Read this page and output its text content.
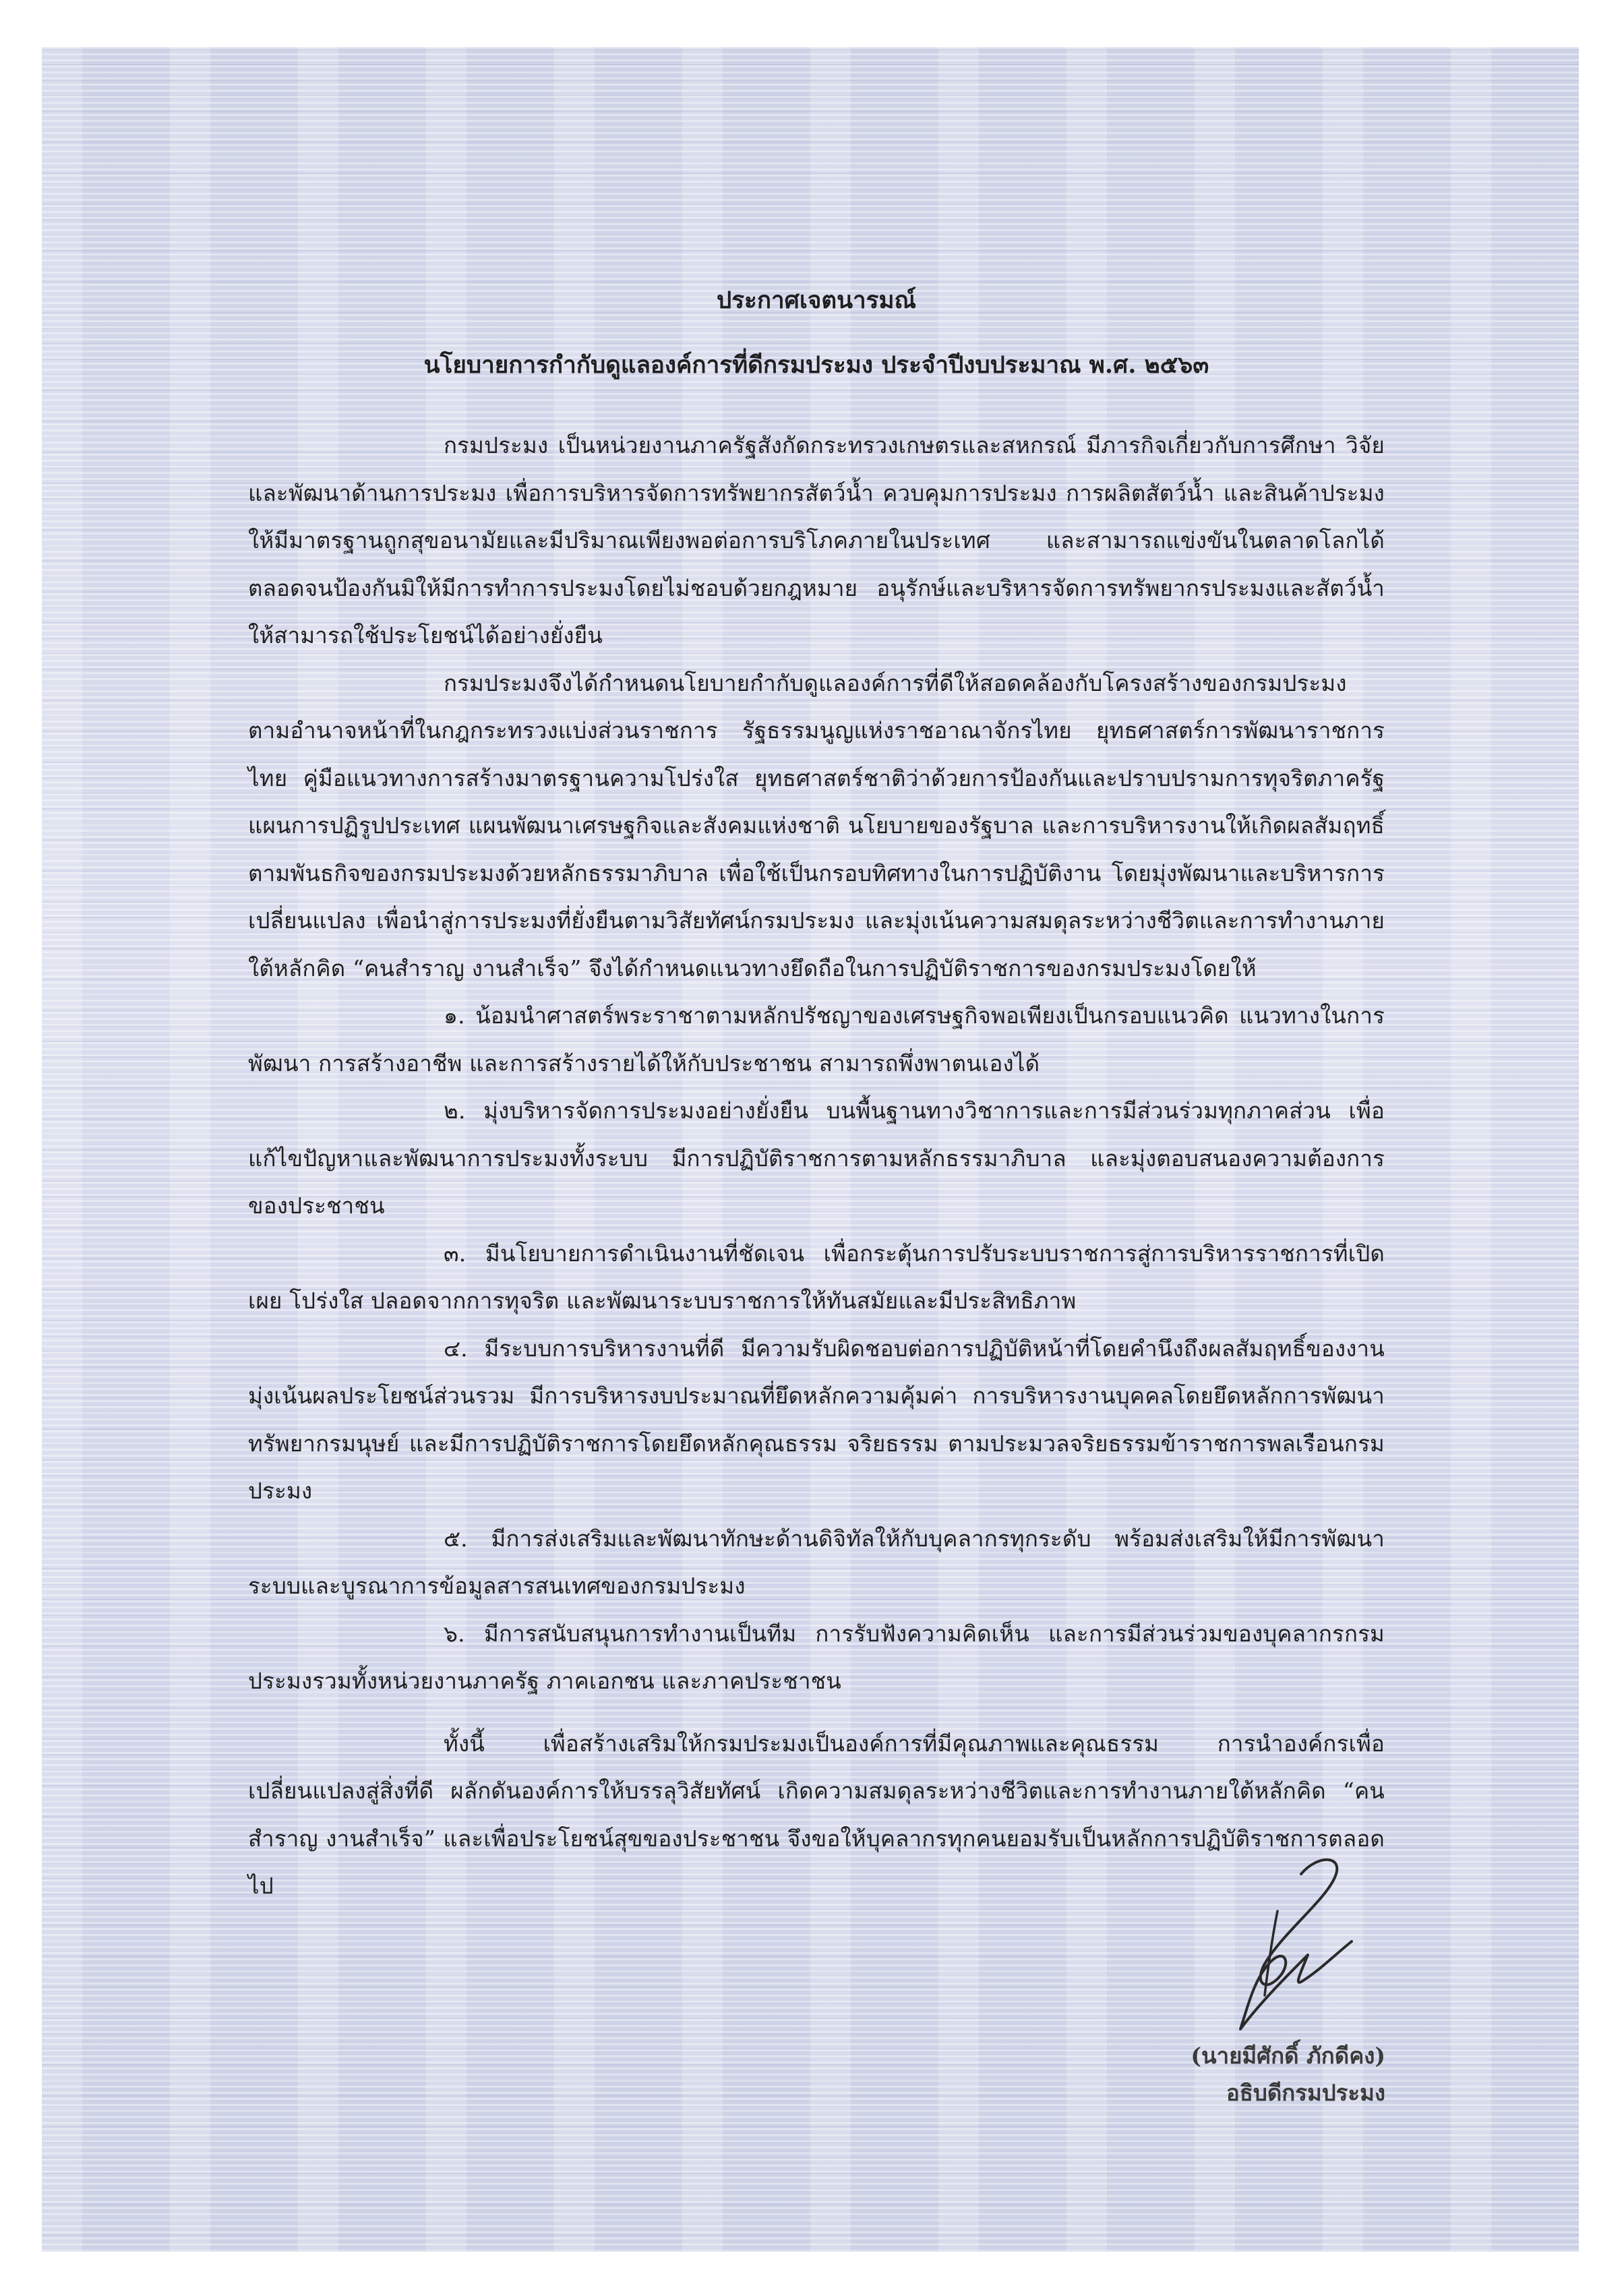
ประกาศเจตนารมณ์

นโยบายการกำกับดูแลองค์การที่ดีกรมประมง ประจำปีงบประมาณ พ.ศ. ๒๕๖๓

กรมประมง เป็นหน่วยงานภาครัฐสังกัดกระทรวงเกษตรและสหกรณ์ มีภารกิจเกี่ยวกับการศึกษา วิจัย และพัฒนาด้านการประมง เพื่อการบริหารจัดการทรัพยากรสัตว์น้ำ ควบคุมการประมง การผลิตสัตว์น้ำ และสินค้าประมงให้มีมาตรฐานถูกสุขอนามัยและมีปริมาณเพียงพอต่อการบริโภคภายในประเทศ และสามารถแข่งขันในตลาดโลกได้ ตลอดจนป้องกันมิให้มีการทำการประมงโดยไม่ชอบด้วยกฎหมาย อนุรักษ์และบริหารจัดการทรัพยากรประมงและสัตว์น้ำให้สามารถใช้ประโยชน์ได้อย่างยั่งยืน

กรมประมงจึงได้กำหนดนโยบายกำกับดูแลองค์การที่ดีให้สอดคล้องกับโครงสร้างของกรมประมงตามอำนาจหน้าที่ในกฎกระทรวงแบ่งส่วนราชการ รัฐธรรมนูญแห่งราชอาณาจักรไทย ยุทธศาสตร์การพัฒนาราชการไทย คู่มือแนวทางการสร้างมาตรฐานความโปร่งใส ยุทธศาสตร์ชาติว่าด้วยการป้องกันและปราบปรามการทุจริตภาครัฐ แผนการปฏิรูปประเทศ แผนพัฒนาเศรษฐกิจและสังคมแห่งชาติ นโยบายของรัฐบาล และการบริหารงานให้เกิดผลสัมฤทธิ์ตามพันธกิจของกรมประมงด้วยหลักธรรมาภิบาล เพื่อใช้เป็นกรอบทิศทางในการปฏิบัติงาน โดยมุ่งพัฒนาและบริหารการเปลี่ยนแปลง เพื่อนำสู่การประมงที่ยั่งยืนตามวิสัยทัศน์กรมประมง และมุ่งเน้นความสมดุลระหว่างชีวิตและการทำงานภายใต้หลักคิด “คนสำราญ งานสำเร็จ” จึงได้กำหนดแนวทางยึดถือในการปฏิบัติราชการของกรมประมงโดยให้

๑. น้อมนำศาสตร์พระราชาตามหลักปรัชญาของเศรษฐกิจพอเพียงเป็นกรอบแนวคิด แนวทางในการพัฒนา การสร้างอาชีพ และการสร้างรายได้ให้กับประชาชน สามารถพึ่งพาตนเองได้

๒. มุ่งบริหารจัดการประมงอย่างยั่งยืน บนพื้นฐานทางวิชาการและการมีส่วนร่วมทุกภาคส่วน เพื่อแก้ไขปัญหาและพัฒนาการประมงทั้งระบบ มีการปฏิบัติราชการตามหลักธรรมาภิบาล และมุ่งตอบสนองความต้องการของประชาชน

๓. มีนโยบายการดำเนินงานที่ชัดเจน เพื่อกระตุ้นการปรับระบบราชการสู่การบริหารราชการที่เปิดเผย โปร่งใส ปลอดจากการทุจริต และพัฒนาระบบราชการให้ทันสมัยและมีประสิทธิภาพ

๔. มีระบบการบริหารงานที่ดี มีความรับผิดชอบต่อการปฏิบัติหน้าที่โดยคำนึงถึงผลสัมฤทธิ์ของงาน มุ่งเน้นผลประโยชน์ส่วนรวม มีการบริหารงบประมาณที่ยึดหลักความคุ้มค่า การบริหารงานบุคคลโดยยึดหลักการพัฒนาทรัพยากรมนุษย์ และมีการปฏิบัติราชการโดยยึดหลักคุณธรรม จริยธรรม ตามประมวลจริยธรรมข้าราชการพลเรือนกรมประมง

๕. มีการส่งเสริมและพัฒนาทักษะด้านดิจิทัลให้กับบุคลากรทุกระดับ พร้อมส่งเสริมให้มีการพัฒนาระบบและบูรณาการข้อมูลสารสนเทศของกรมประมง

๖. มีการสนับสนุนการทำงานเป็นทีม การรับฟังความคิดเห็น และการมีส่วนร่วมของบุคลากรกรมประมงรวมทั้งหน่วยงานภาครัฐ ภาคเอกชน และภาคประชาชน

ทั้งนี้ เพื่อสร้างเสริมให้กรมประมงเป็นองค์การที่มีคุณภาพและคุณธรรม การนำองค์กรเพื่อเปลี่ยนแปลงสู่สิ่งที่ดี ผลักดันองค์การให้บรรลุวิสัยทัศน์ เกิดความสมดุลระหว่างชีวิตและการทำงานภายใต้หลักคิด “คนสำราญ งานสำเร็จ” และเพื่อประโยชน์สุขของประชาชน จึงขอให้บุคลากรทุกคนยอมรับเป็นหลักการปฏิบัติราชการตลอดไป

(นายมีศักดิ์ ภักดีคง)
อธิบดีกรมประมง
